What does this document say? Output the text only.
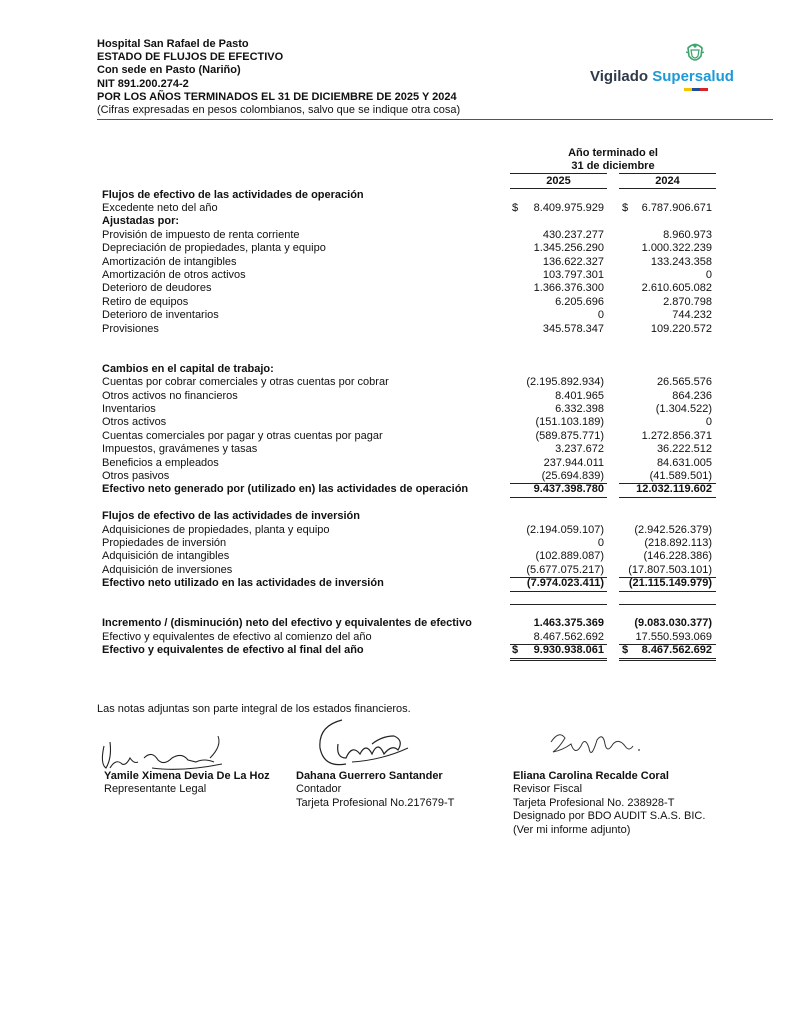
Hospital San Rafael de Pasto
ESTADO DE FLUJOS DE EFECTIVO
Con sede en Pasto (Nariño)
NIT 891.200.274-2
POR LOS AÑOS TERMINADOS EL 31 DE DICIEMBRE DE 2025 Y 2024
(Cifras expresadas en pesos colombianos, salvo que se indique otra cosa)
Vigilado Supersalud
Año terminado el
31 de diciembre
2025	2024
Flujos de efectivo de las actividades de operación
Excedente neto del año	$ 8.409.975.929 $ 6.787.906.671
Ajustadas por:
Provisión de impuesto de renta corriente	430.237.277	8.960.973
Depreciación de propiedades, planta y equipo	1.345.256.290	1.000.322.239
Amortización de intangibles	136.622.327	133.243.358
Amortización de otros activos	103.797.301	0
Deterioro de deudores	1.366.376.300	2.610.605.082
Retiro de equipos	6.205.696	2.870.798
Deterioro de inventarios	0	744.232
Provisiones	345.578.347	109.220.572
Cambios en el capital de trabajo:
Cuentas por cobrar comerciales y otras cuentas por cobrar	(2.195.892.934)	26.565.576
Otros activos no financieros	8.401.965	864.236
Inventarios	6.332.398	(1.304.522)
Otros activos	(151.103.189)	0
Cuentas comerciales por pagar y otras cuentas por pagar	(589.875.771)	1.272.856.371
Impuestos, gravámenes y tasas	3.237.672	36.222.512
Beneficios a empleados	237.944.011	84.631.005
Otros pasivos	(25.694.839)	(41.589.501)
Efectivo neto generado por (utilizado en) las actividades de operación	9.437.398.780	12.032.119.602
Flujos de efectivo de las actividades de inversión
Adquisiciones de propiedades, planta y equipo	(2.194.059.107)	(2.942.526.379)
Propiedades de inversión	0	(218.892.113)
Adquisición de intangibles	(102.889.087)	(146.228.386)
Adquisición de inversiones	(5.677.075.217) (17.807.503.101)
Efectivo neto utilizado en las actividades de inversión	(7.974.023.411) (21.115.149.979)
Incremento / (disminución) neto del efectivo y equivalentes de efectivo	1.463.375.369	(9.083.030.377)
Efectivo y equivalentes de efectivo al comienzo del año	8.467.562.692	17.550.593.069
Efectivo y equivalentes de efectivo al final del año	$ 9.930.938.061 $ 8.467.562.692
Las notas adjuntas son parte integral de los estados financieros.
Yamile Ximena Devia De La Hoz
Representante Legal
Dahana Guerrero Santander
Contador
Tarjeta Profesional No.217679-T
Eliana Carolina Recalde Coral
Revisor Fiscal
Tarjeta Profesional No. 238928-T
Designado por BDO AUDIT S.A.S. BIC.
(Ver mi informe adjunto)
